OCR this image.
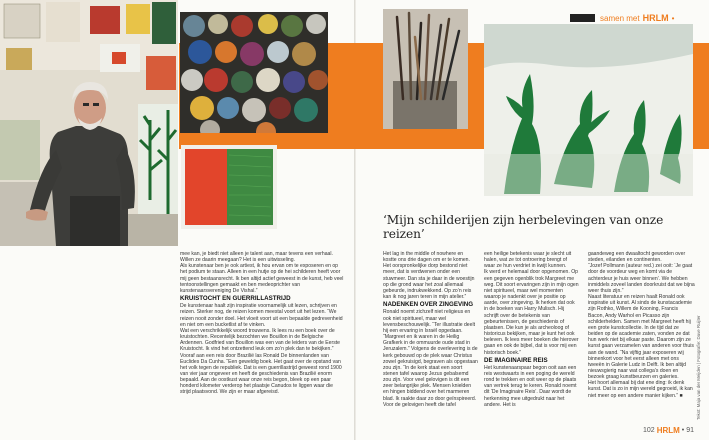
samen met HRLM •
‘Mijn schilderijen zijn herbelevingen van onze reizen’

mee kan, je biedt niet alleen je talent aan, maar tevens een verhaal. Willen ze daarin meegaan? Het is een uitwisseling.

Als kunstenaar ben je ook artiest, ik hou ervan om te exposeren en op het podium te staan. Alleen in een hutje op de hei schilderen heeft voor mij geen bestaansrecht. Ik ben altijd actief geweest in de kunst, heb veel tentoonstellingen gemaakt en ben medeoprichter van kunstenaarsvereniging De Vishal.”

KRUISTOCHT EN GUERRILLASTRIJD

De kunstenaar haalt zijn inspiratie voornamelijk uit lezen, schrijven en reizen. Sterker nog, de reizen komen meestal voort uit het lezen. “We reizen nooit zonder doel. Het vloeit voort uit een bepaalde gedrevenheid en niet om een bucketlist af te vinken.

Wat een verschrikkelijk woord trouwens. Ik lees nu een boek over de kruistochten. Recentelijk bezochten we Bouillon in de Belgische Ardennen. Godfried van Bouillon was een van de leiders van de Eerste Kruistocht. Ik vind het ontzettend leuk om zo’n plek dan te bekijken.” Vooraf aan een reis door Brazilië las Ronald De binnenlanden van Euclides Da Cunha. “Een geweldig boek. Het gaat over de opstand van het volk tegen de republiek. Dat is een guerrillastrijd geweest rond 1900 van vier jaar ongeveer en heeft de geschiedenis van Brazilië enorm bepaald. Aan de oostkust waar onze reis begon, bleek op een paar honderd kilometer verderop het plaatsje Canudos te liggen waar die strijd plaatsvond. We zijn er maar afgereisd.

Het lag in the middle of nowhere en kostte ons drie dagen om er te komen.

Het oorspronkelijke dorp bestond niet meer, dat is verdwenen onder een stuwmeer. Dan sta je daar in de woestijn op die grond waar het zoal allemaal gebeurde, indrukwekkend. Op zo’n reis kan ik nog jaren teren in mijn atelier.”

NADENKEN OVER ZINGEVING

Ronald noemt zichzelf niet religieus en ook niet spiritueel, maar wel levensbeschouwelijk. “Ter illustratie deelt hij een ervaring in Israël opgedaan. “Margreet en ik waren in de Heilig Grafkerk in de ommuurde oude stad in Jeruzalem.” Volgens de overlevering is de kerk gebouwd op de plek waar Christus zowel gekruisigd, begraven als opgestaan zou zijn. “In de kerk staat een soort stenen tafel waarop Jezus gebalsemd zou zijn. Voor veel gelovigen is dit een zeer belangrijke plek. Mensen knielden en hingen biddend over het marmeren blad. Ik raakte daar zo door geïnspireerd. Voor de gelovigen heeft die tafel

een heilige betekenis waar je slecht uit halen, wat ze tot ontroering brengt of waar ze hun verdriet in kwijt kunnen.

Ik werd er helemaal door opgenomen. Op een gegeven ogenblik trok Margreet me weg. Dit soort ervaringen zijn in mijn ogen niet spiritueel, maar wel momenten waarop je nadenkt over je positie op aarde, over zingeving. Ik herken dat ook in de boeken van Harry Mulisch. Hij schrijft over de betekenis van gebeurtenissen, de geschiedenis of plaatsen. Die kun je als archeoloog of historicus bekijken, maar je kunt het ook beleven. Ik lees meer boeken die hierover gaan en ook de bijbel, dat is voor mij een historisch boek.”

DE IMAGINAIRE REIS

Het kunstenaarspaar begon ooit aan een reis westwaarts in een poging de wereld rond te trekken en ooit weer op de plaats van vertrek terug te keren. Ronald noemt dit ‘De Imaginaire Reis’. Daar wordt de herkenning mee uitgedrukt naar het andere. Het is

gaandeweg een dwaaltocht geworden over steden, eilanden en continenten.

“Jozef Pollmann (auteur red.) zei ooit: ‘Je gaat door de voordeur weg en komt via de achterdeur je huis weer binnen’. We hebben inmiddels zoveel landen doorkruist dat we bijna weer thuis zijn.”

Naast literatuur en reizen haalt Ronald ook inspiratie uit kunst. Al sinds de kunstacademie zijn Rothko, Willem de Kooning, Francis Bacon, Andy Warhol en Picasso zijn schilderhelden. Samen met Margreet heeft hij een grote kunstcollectie. In de tijd dat ze beiden op de academie zaten, vonden ze dat hun werk niet bij elkaar paste. Daarom zijn ze kunst gaan verzamelen van anderen voor thuis aan de wand. “Na vijftig jaar exposeren wij binnenkort voor het eerst alleen met ons tweeën in Galerie Ludz in Delft. Ik ben altijd nieuwsgierig naar wat collega’s doen en bezoek graag kunstbeurzen en galeries.

Het hoort allemaal bij dat ene ding: ik denk kunst. Dat is zo in mijn wereld gegroeid, ik kan niet meer op een andere manier kijken.” ■	Tekst: Maja van der Meijden | Fotografie: Dave Ruijter
102 HRLM • 91
